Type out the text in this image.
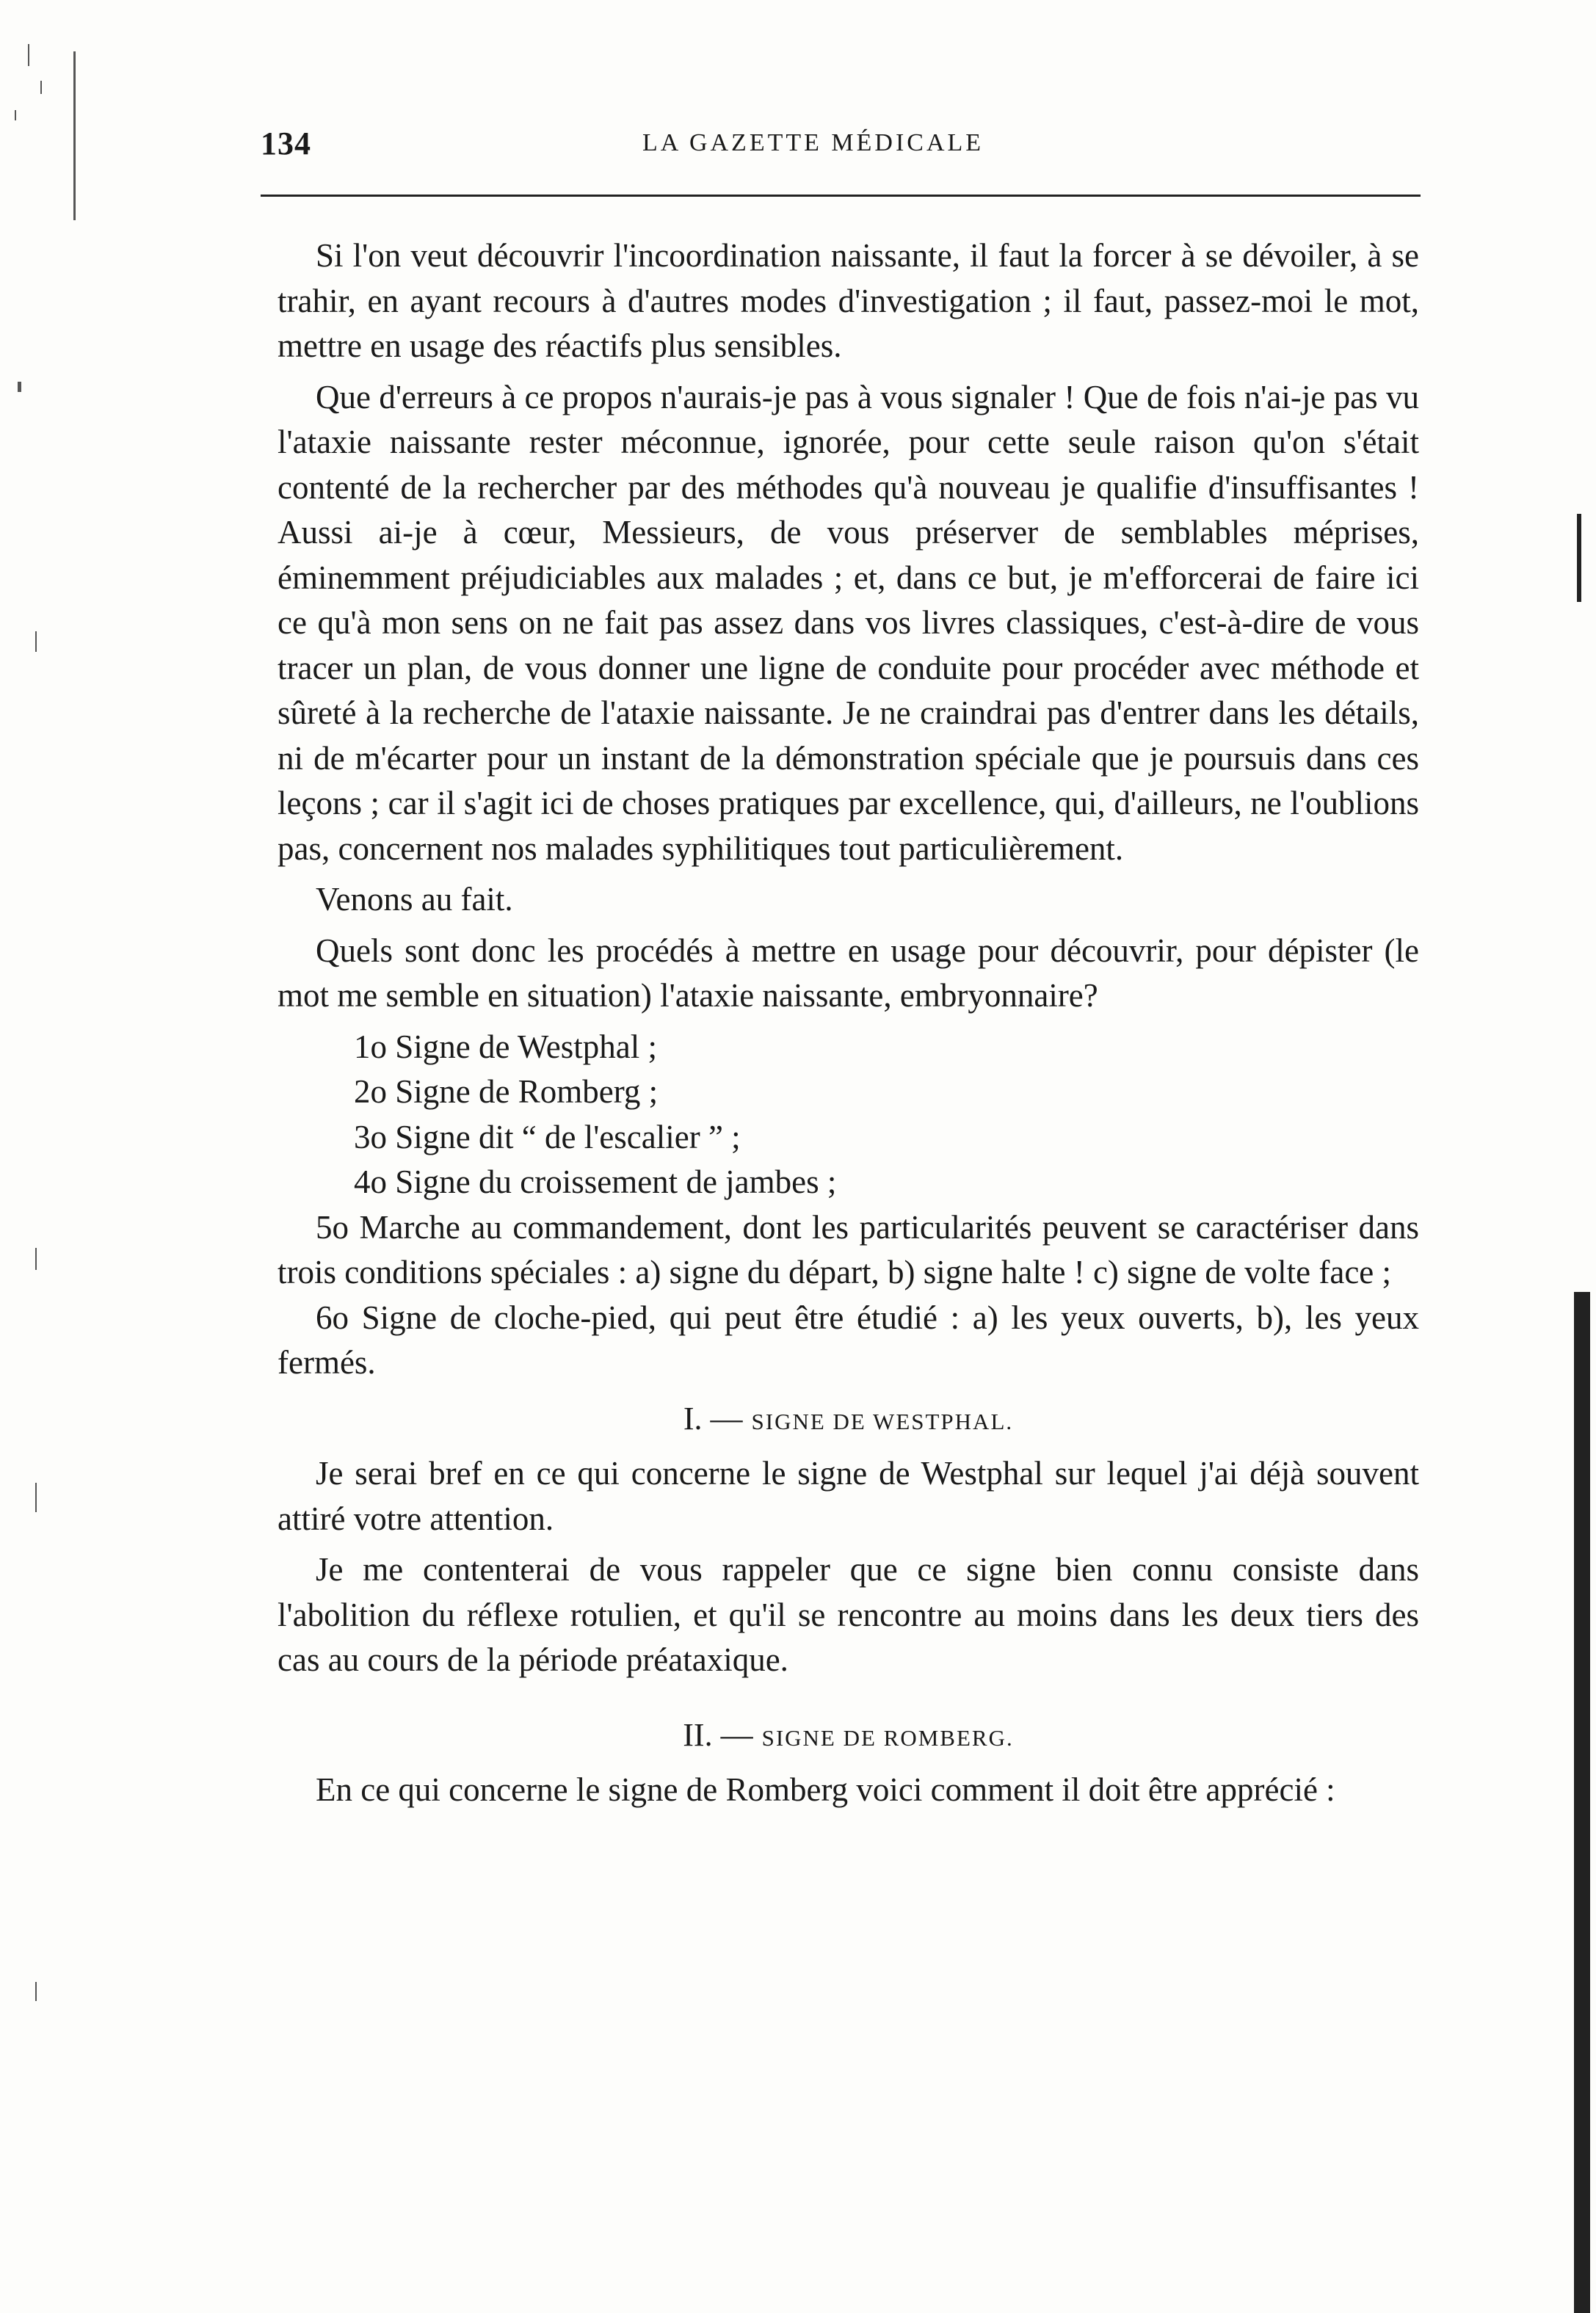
134	LA GAZETTE MÉDICALE

Si l'on veut découvrir l'incoordination naissante, il faut la forcer à se dévoiler, à se trahir, en ayant recours à d'autres modes d'investigation ; il faut, passez-moi le mot, mettre en usage des réactifs plus sensibles.

Que d'erreurs à ce propos n'aurais-je pas à vous signaler ! Que de fois n'ai-je pas vu l'ataxie naissante rester méconnue, ignorée, pour cette seule raison qu'on s'était contenté de la rechercher par des méthodes qu'à nouveau je qualifie d'insuffisantes ! Aussi ai-je à cœur, Messieurs, de vous préserver de semblables méprises, éminemment préjudiciables aux malades ; et, dans ce but, je m'efforcerai de faire ici ce qu'à mon sens on ne fait pas assez dans vos livres classiques, c'est-à-dire de vous tracer un plan, de vous donner une ligne de conduite pour procéder avec méthode et sûreté à la recherche de l'ataxie naissante. Je ne craindrai pas d'entrer dans les détails, ni de m'écarter pour un instant de la démonstration spéciale que je poursuis dans ces leçons ; car il s'agit ici de choses pratiques par excellence, qui, d'ailleurs, ne l'oublions pas, concernent nos malades syphilitiques tout particulièrement.

Venons au fait.

Quels sont donc les procédés à mettre en usage pour découvrir, pour dépister (le mot me semble en situation) l'ataxie naissante, embryonnaire?

1o Signe de Westphal ;

2o Signe de Romberg ;

3o Signe dit “ de l'escalier ” ;

4o Signe du croissement de jambes ;

5o Marche au commandement, dont les particularités peuvent se caractériser dans trois conditions spéciales : a) signe du départ, b) signe halte ! c) signe de volte face ;

6o Signe de cloche-pied, qui peut être étudié : a) les yeux ouverts, b), les yeux fermés.

I. — SIGNE DE WESTPHAL.

Je serai bref en ce qui concerne le signe de Westphal sur lequel j'ai déjà souvent attiré votre attention.

Je me contenterai de vous rappeler que ce signe bien connu consiste dans l'abolition du réflexe rotulien, et qu'il se rencontre au moins dans les deux tiers des cas au cours de la période préataxique.

II. — SIGNE DE ROMBERG.

En ce qui concerne le signe de Romberg voici comment il doit être apprécié :
